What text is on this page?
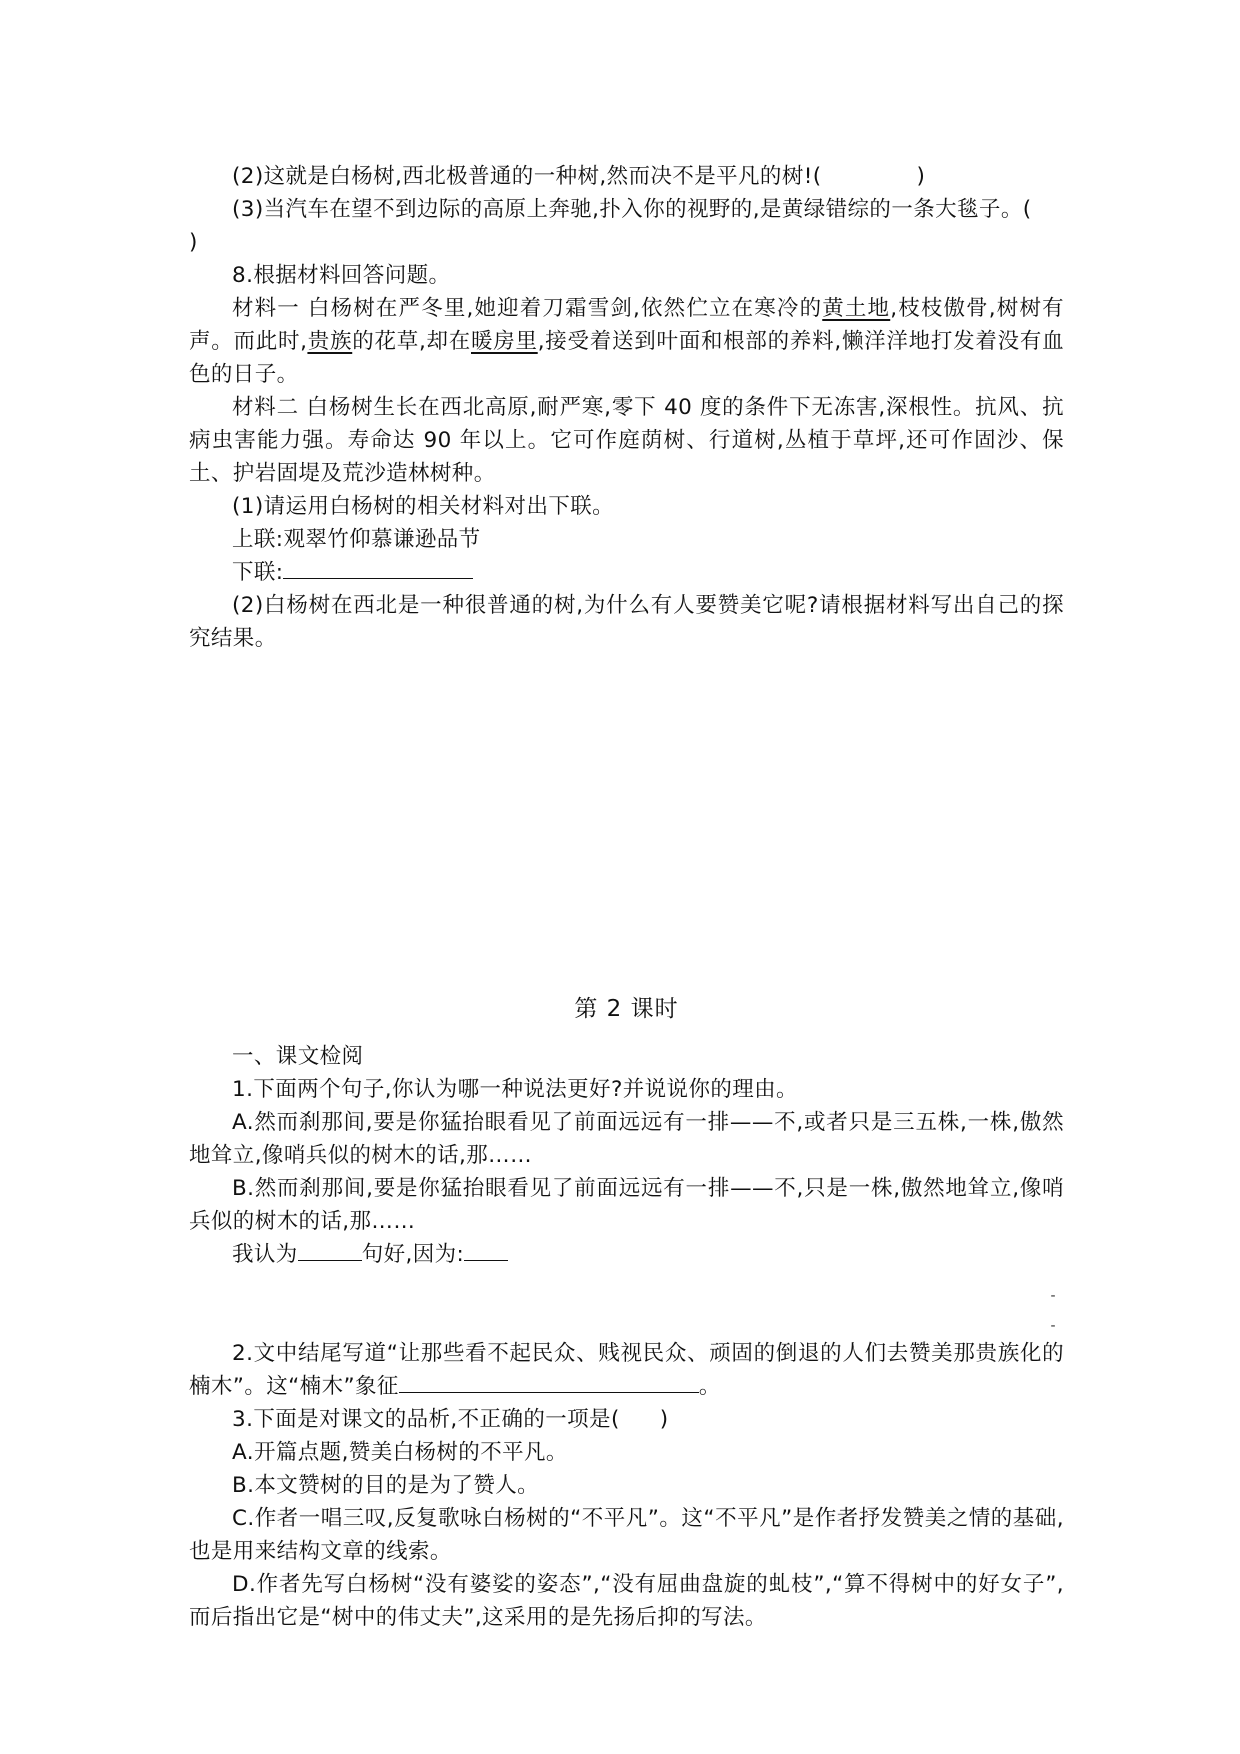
(2)这就是白杨树,西北极普通的一种树,然而决不是平凡的树!(	)

(3)当汽车在望不到边际的高原上奔驰,扑入你的视野的,是黄绿错综的一条大毯子。(

)

8.根据材料回答问题。

材料一 白杨树在严冬里,她迎着刀霜雪剑,依然伫立在寒冷的黄土地,枝枝傲骨,树树有声。而此时,贵族的花草,却在暖房里,接受着送到叶面和根部的养料,懒洋洋地打发着没有血色的日子。

材料二 白杨树生长在西北高原,耐严寒,零下 40 度的条件下无冻害,深根性。抗风、抗病虫害能力强。寿命达 90 年以上。它可作庭荫树、行道树,丛植于草坪,还可作固沙、保土、护岩固堤及荒沙造林树种。

(1)请运用白杨树的相关材料对出下联。

上联:观翠竹仰慕谦逊品节

下联:

(2)白杨树在西北是一种很普通的树,为什么有人要赞美它呢?请根据材料写出自己的探究结果。

第 2 课时

一、课文检阅

1.下面两个句子,你认为哪一种说法更好?并说说你的理由。

A.然而刹那间,要是你猛抬眼看见了前面远远有一排——不,或者只是三五株,一株,傲然地耸立,像哨兵似的树木的话,那……

B.然而刹那间,要是你猛抬眼看见了前面远远有一排——不,只是一株,傲然地耸立,像哨兵似的树木的话,那……

我认为	句好,因为:

-
-

2.文中结尾写道“让那些看不起民众、贱视民众、顽固的倒退的人们去赞美那贵族化的楠木”。这“楠木”象征	。

3.下面是对课文的品析,不正确的一项是( )

A.开篇点题,赞美白杨树的不平凡。

B.本文赞树的目的是为了赞人。

C.作者一唱三叹,反复歌咏白杨树的“不平凡”。这“不平凡”是作者抒发赞美之情的基础,也是用来结构文章的线索。

D.作者先写白杨树“没有婆娑的姿态”,“没有屈曲盘旋的虬枝”,“算不得树中的好女子”,而后指出它是“树中的伟丈夫”,这采用的是先扬后抑的写法。
